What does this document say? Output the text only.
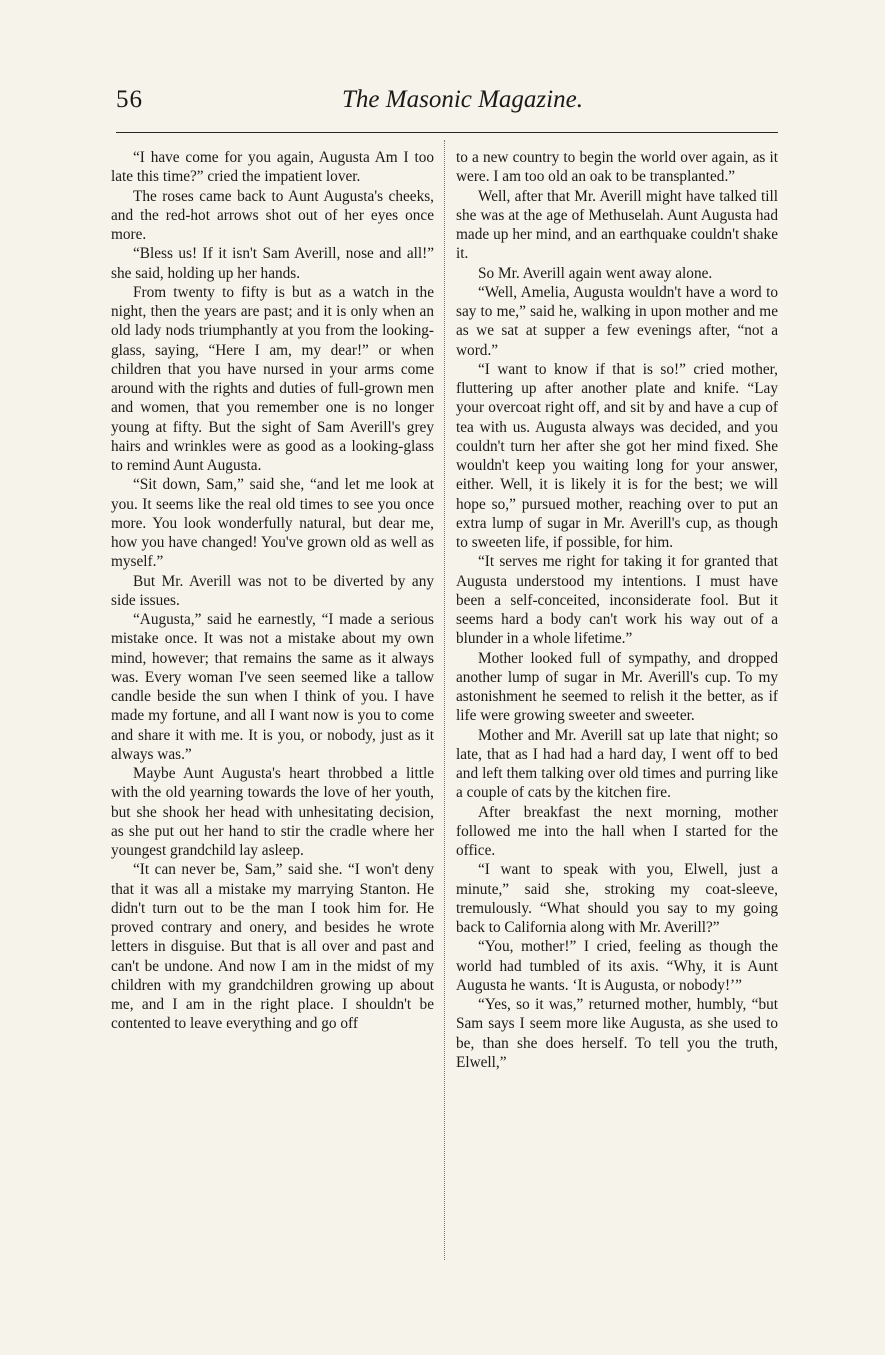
56	The Masonic Magazine.

“I have come for you again, Augusta Am I too late this time?” cried the impatient lover.

The roses came back to Aunt Augusta's cheeks, and the red-hot arrows shot out of her eyes once more.

“Bless us! If it isn't Sam Averill, nose and all!” she said, holding up her hands.

From twenty to fifty is but as a watch in the night, then the years are past; and it is only when an old lady nods triumphantly at you from the looking-glass, saying, “Here I am, my dear!” or when children that you have nursed in your arms come around with the rights and duties of full-grown men and women, that you remember one is no longer young at fifty. But the sight of Sam Averill's grey hairs and wrinkles were as good as a looking-glass to remind Aunt Augusta.

“Sit down, Sam,” said she, “and let me look at you. It seems like the real old times to see you once more. You look wonderfully natural, but dear me, how you have changed! You've grown old as well as myself.”

But Mr. Averill was not to be diverted by any side issues.

“Augusta,” said he earnestly, “I made a serious mistake once. It was not a mistake about my own mind, however; that remains the same as it always was. Every woman I've seen seemed like a tallow candle beside the sun when I think of you. I have made my fortune, and all I want now is you to come and share it with me. It is you, or nobody, just as it always was.”

Maybe Aunt Augusta's heart throbbed a little with the old yearning towards the love of her youth, but she shook her head with unhesitating decision, as she put out her hand to stir the cradle where her youngest grandchild lay asleep.

“It can never be, Sam,” said she. “I won't deny that it was all a mistake my marrying Stanton. He didn't turn out to be the man I took him for. He proved contrary and onery, and besides he wrote letters in disguise. But that is all over and past and can't be undone. And now I am in the midst of my children with my grandchildren growing up about me, and I am in the right place. I shouldn't be contented to leave everything and go off

to a new country to begin the world over again, as it were. I am too old an oak to be transplanted.”

Well, after that Mr. Averill might have talked till she was at the age of Methuselah. Aunt Augusta had made up her mind, and an earthquake couldn't shake it.

So Mr. Averill again went away alone.

“Well, Amelia, Augusta wouldn't have a word to say to me,” said he, walking in upon mother and me as we sat at supper a few evenings after, “not a word.”

“I want to know if that is so!” cried mother, fluttering up after another plate and knife. “Lay your overcoat right off, and sit by and have a cup of tea with us. Augusta always was decided, and you couldn't turn her after she got her mind fixed. She wouldn't keep you waiting long for your answer, either. Well, it is likely it is for the best; we will hope so,” pursued mother, reaching over to put an extra lump of sugar in Mr. Averill's cup, as though to sweeten life, if possible, for him.

“It serves me right for taking it for granted that Augusta understood my intentions. I must have been a self-conceited, inconsiderate fool. But it seems hard a body can't work his way out of a blunder in a whole lifetime.”

Mother looked full of sympathy, and dropped another lump of sugar in Mr. Averill's cup. To my astonishment he seemed to relish it the better, as if life were growing sweeter and sweeter.

Mother and Mr. Averill sat up late that night; so late, that as I had had a hard day, I went off to bed and left them talking over old times and purring like a couple of cats by the kitchen fire.

After breakfast the next morning, mother followed me into the hall when I started for the office.

“I want to speak with you, Elwell, just a minute,” said she, stroking my coat-sleeve, tremulously. “What should you say to my going back to California along with Mr. Averill?”

“You, mother!” I cried, feeling as though the world had tumbled of its axis. “Why, it is Aunt Augusta he wants. ‘It is Augusta, or nobody!’”

“Yes, so it was,” returned mother, humbly, “but Sam says I seem more like Augusta, as she used to be, than she does herself. To tell you the truth, Elwell,”
